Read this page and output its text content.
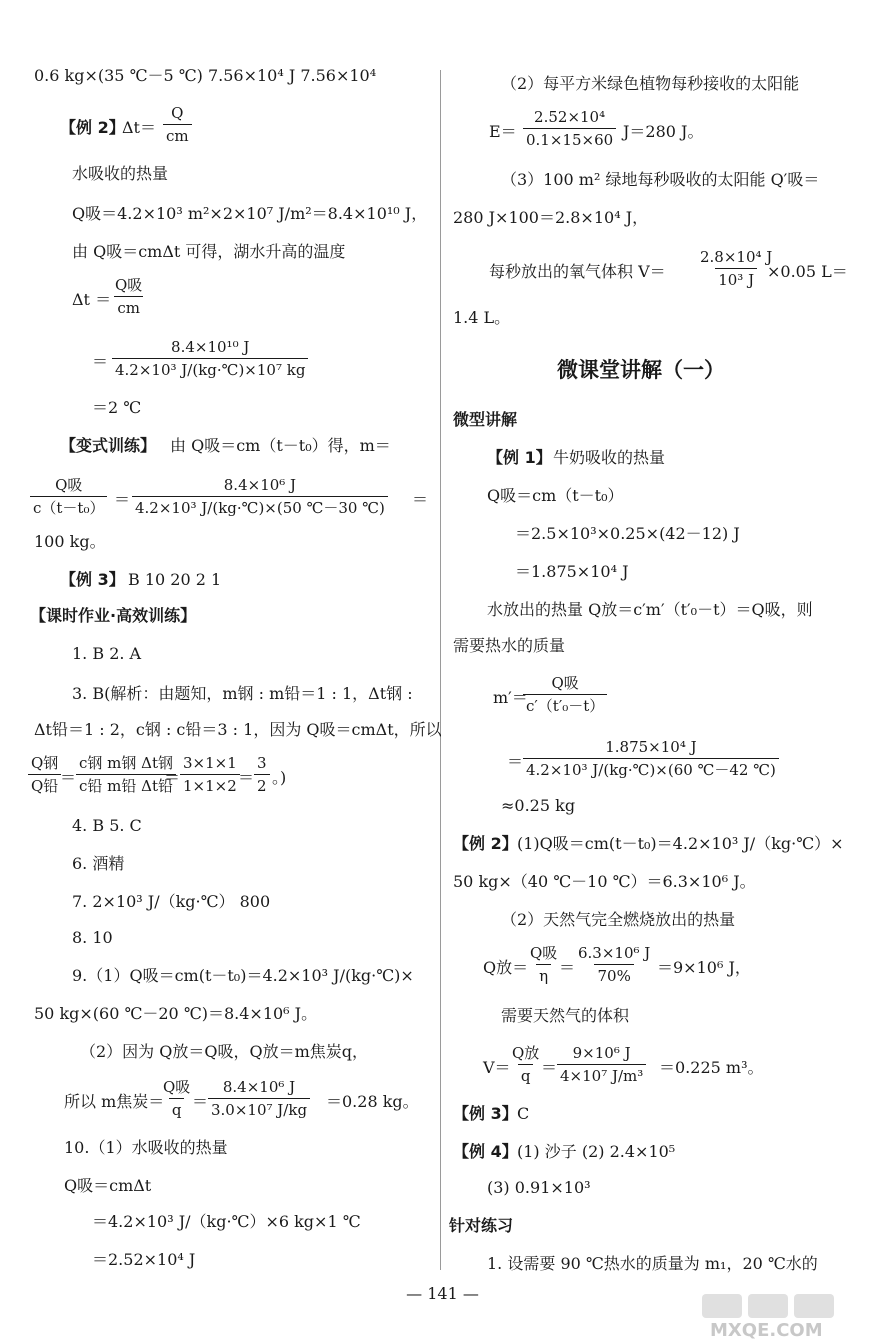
0.6 kg×(35 ℃－5 ℃) 7.56×10⁴ J 7.56×10⁴
【例 2】
$\Delta t= \frac{Q}{cm}$
水吸收的热量
Q吸＝4.2×10³ m²×2×10⁷ J/m²＝8.4×10¹⁰ J，
由 Q吸＝cmΔt 可得，湖水升高的温度
Δt ＝
Q吸
cm
＝ $\frac{\text{8.4×10¹⁰ J}}{\text{4.2×10³ J/(kg·℃)×10⁷ kg}}$
＝2 ℃
【变式训练】 由 Q吸＝cm（t－t₀）得，m＝
Q吸
$c(t-t_0) = \frac{\text{8.4×10⁶ J}}{\text{4.2×10³ J/(kg·℃)×(50 ℃－30 ℃)}}$ ＝
100 kg。
【例 3】 B 10 20 2 1
【课时作业·高效训练】
1. B 2. A
3. B(解析：由题知，m钢 : m铅＝1 : 1，Δt钢 :
Δt铅＝1 : 2，c钢 : c铅＝3 : 1，因为 Q吸＝cmΔt，所以
Q钢
Q铅 ＝
c钢 m钢 Δt钢
c铅 m铅 Δt铅
＝ $\frac{3\times 1\times 1}{1\times 1\times 2}$
＝ $\frac{3}{2}$ 。)
4. B 5. C
6. 酒精
7. 2×10³ J/（kg·℃） 800
8. 10
9.（1）Q吸＝cm(t－t₀)＝4.2×10³ J/(kg·℃)×
50 kg×(60 ℃－20 ℃)＝8.4×10⁶ J。
（2）因为 Q放＝Q吸，Q放＝m焦炭q，
所以 m焦炭＝
Q吸
$q = \frac{\text{8.4×10⁶ J}}{\text{3.0×10⁷ J/kg}} =0.28$ kg。
10.（1）水吸收的热量
Q吸＝cmΔt
＝4.2×10³ J/（kg·℃）×6 kg×1 ℃
＝2.52×10⁴ J
（2）每平方米绿色植物每秒接收的太阳能
$E= \frac{\text{2.52×10⁴}}{0.1\times 15\times 60} J=280$ J。
（3）100 m² 绿地每秒吸收的太阳能 Q′吸＝
280 J×100＝2.8×10⁴ J，
每秒放出的氧气体积 $V= \frac{\text{2.8×10⁴ J}}{\text{10³ J}}$
×0.05 L＝
1.4 L。
微课堂讲解（一）
微型讲解
【例 1】 牛奶吸收的热量
Q吸＝cm（t－t₀）
＝2.5×10³×0.25×(42－12) J
＝1.875×10⁴ J
水放出的热量 Q放＝c′m′（t′₀－t）＝Q吸，则
需要热水的质量
m′＝
Q吸
c′（t′₀－t）
＝ $\frac{\text{1.875×10⁴ J}}{\text{4.2×10³ J/(kg·℃)×(60 ℃－42 ℃)}}$
≈0.25 kg
【例 2】 (1)Q吸＝cm(t－t₀)＝4.2×10³ J/（kg·℃）×
50 kg×（40 ℃－10 ℃）＝6.3×10⁶ J。
（2）天然气完全燃烧放出的热量
Q放＝
Q吸
$\eta = \frac{\text{6.3×10⁶ J}}{70\%} =9\times 10^6$ J，
需要天然气的体积
V＝
Q放
$q = \frac{\text{9×10⁶ J}}{\text{4×10⁷ J/m³}} =0.225$ m³。
【例 3】 C
【例 4】 (1) 沙子 (2) 2.4×10⁵
(3) 0.91×10³
针对练习
1. 设需要 90 ℃热水的质量为 m₁，20 ℃水的
— 141 —
MXQE.COM
